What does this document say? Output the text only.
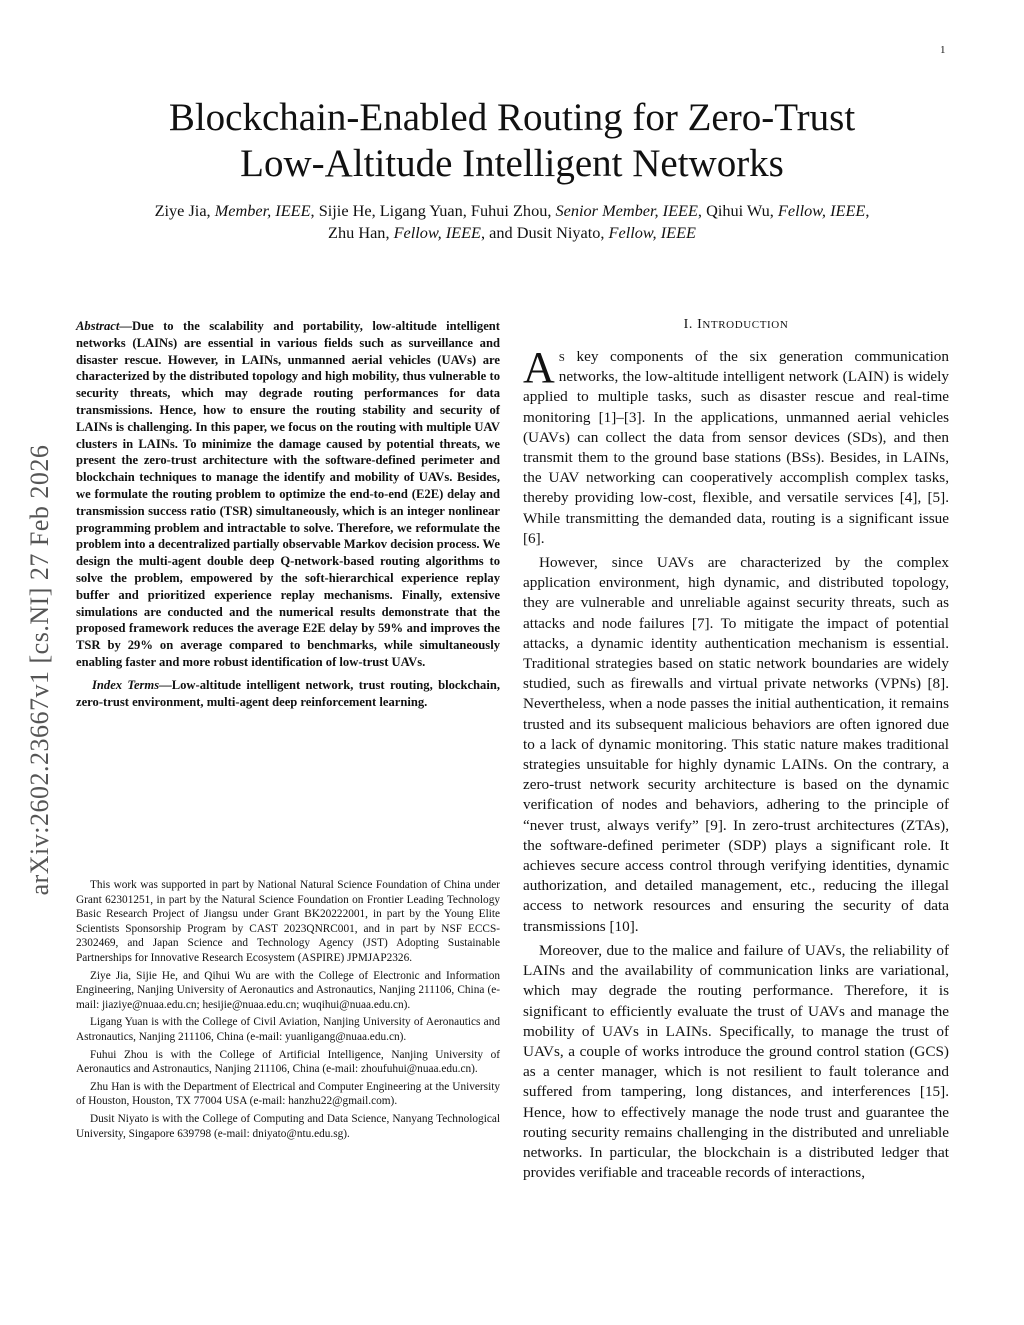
1
arXiv:2602.23667v1 [cs.NI] 27 Feb 2026
Blockchain-Enabled Routing for Zero-Trust
Low-Altitude Intelligent Networks
Ziye Jia, Member, IEEE, Sijie He, Ligang Yuan, Fuhui Zhou, Senior Member, IEEE, Qihui Wu, Fellow, IEEE,
Zhu Han, Fellow, IEEE, and Dusit Niyato, Fellow, IEEE

Abstract—Due to the scalability and portability, low-altitude intelligent networks (LAINs) are essential in various fields such as surveillance and disaster rescue. However, in LAINs, unmanned aerial vehicles (UAVs) are characterized by the distributed topology and high mobility, thus vulnerable to security threats, which may degrade routing performances for data transmissions. Hence, how to ensure the routing stability and security of LAINs is challenging. In this paper, we focus on the routing with multiple UAV clusters in LAINs. To minimize the damage caused by potential threats, we present the zero-trust architecture with the software-defined perimeter and blockchain techniques to manage the identify and mobility of UAVs. Besides, we formulate the routing problem to optimize the end-to-end (E2E) delay and transmission success ratio (TSR) simultaneously, which is an integer nonlinear programming problem and intractable to solve. Therefore, we reformulate the problem into a decentralized partially observable Markov decision process. We design the multi-agent double deep Q-network-based routing algorithms to solve the problem, empowered by the soft-hierarchical experience replay buffer and prioritized experience replay mechanisms. Finally, extensive simulations are conducted and the numerical results demonstrate that the proposed framework reduces the average E2E delay by 59% and improves the TSR by 29% on average compared to benchmarks, while simultaneously enabling faster and more robust identification of low-trust UAVs.

Index Terms—Low-altitude intelligent network, trust routing, blockchain, zero-trust environment, multi-agent deep reinforcement learning.

This work was supported in part by National Natural Science Foundation of China under Grant 62301251, in part by the Natural Science Foundation on Frontier Leading Technology Basic Research Project of Jiangsu under Grant BK20222001, in part by the Young Elite Scientists Sponsorship Program by CAST 2023QNRC001, and in part by NSF ECCS-2302469, and Japan Science and Technology Agency (JST) Adopting Sustainable Partnerships for Innovative Research Ecosystem (ASPIRE) JPMJAP2326.

Ziye Jia, Sijie He, and Qihui Wu are with the College of Electronic and Information Engineering, Nanjing University of Aeronautics and Astronautics, Nanjing 211106, China (e-mail: jiaziye@nuaa.edu.cn; hesijie@nuaa.edu.cn; wuqihui@nuaa.edu.cn).

Ligang Yuan is with the College of Civil Aviation, Nanjing University of Aeronautics and Astronautics, Nanjing 211106, China (e-mail: yuanligang@nuaa.edu.cn).

Fuhui Zhou is with the College of Artificial Intelligence, Nanjing University of Aeronautics and Astronautics, Nanjing 211106, China (e-mail: zhoufuhui@nuaa.edu.cn).

Zhu Han is with the Department of Electrical and Computer Engineering at the University of Houston, Houston, TX 77004 USA (e-mail: hanzhu22@gmail.com).

Dusit Niyato is with the College of Computing and Data Science, Nanyang Technological University, Singapore 639798 (e-mail: dniyato@ntu.edu.sg).

I. INTRODUCTION

As key components of the six generation communication networks, the low-altitude intelligent network (LAIN) is widely applied to multiple tasks, such as disaster rescue and real-time monitoring [1]–[3]. In the applications, unmanned aerial vehicles (UAVs) can collect the data from sensor devices (SDs), and then transmit them to the ground base stations (BSs). Besides, in LAINs, the UAV networking can cooperatively accomplish complex tasks, thereby providing low-cost, flexible, and versatile services [4], [5]. While transmitting the demanded data, routing is a significant issue [6].

However, since UAVs are characterized by the complex application environment, high dynamic, and distributed topology, they are vulnerable and unreliable against security threats, such as attacks and node failures [7]. To mitigate the impact of potential attacks, a dynamic identity authentication mechanism is essential. Traditional strategies based on static network boundaries are widely studied, such as firewalls and virtual private networks (VPNs) [8]. Nevertheless, when a node passes the initial authentication, it remains trusted and its subsequent malicious behaviors are often ignored due to a lack of dynamic monitoring. This static nature makes traditional strategies unsuitable for highly dynamic LAINs. On the contrary, a zero-trust network security architecture is based on the dynamic verification of nodes and behaviors, adhering to the principle of “never trust, always verify” [9]. In zero-trust architectures (ZTAs), the software-defined perimeter (SDP) plays a significant role. It achieves secure access control through verifying identities, dynamic authorization, and detailed management, etc., reducing the illegal access to network resources and ensuring the security of data transmissions [10].

Moreover, due to the malice and failure of UAVs, the reliability of LAINs and the availability of communication links are variational, which may degrade the routing performance. Therefore, it is significant to efficiently evaluate the trust of UAVs and manage the mobility of UAVs in LAINs. Specifically, to manage the trust of UAVs, a couple of works introduce the ground control station (GCS) as a center manager, which is not resilient to fault tolerance and suffered from tampering, long distances, and interferences [15]. Hence, how to effectively manage the node trust and guarantee the routing security remains challenging in the distributed and unreliable networks. In particular, the blockchain is a distributed ledger that provides verifiable and traceable records of interactions,
